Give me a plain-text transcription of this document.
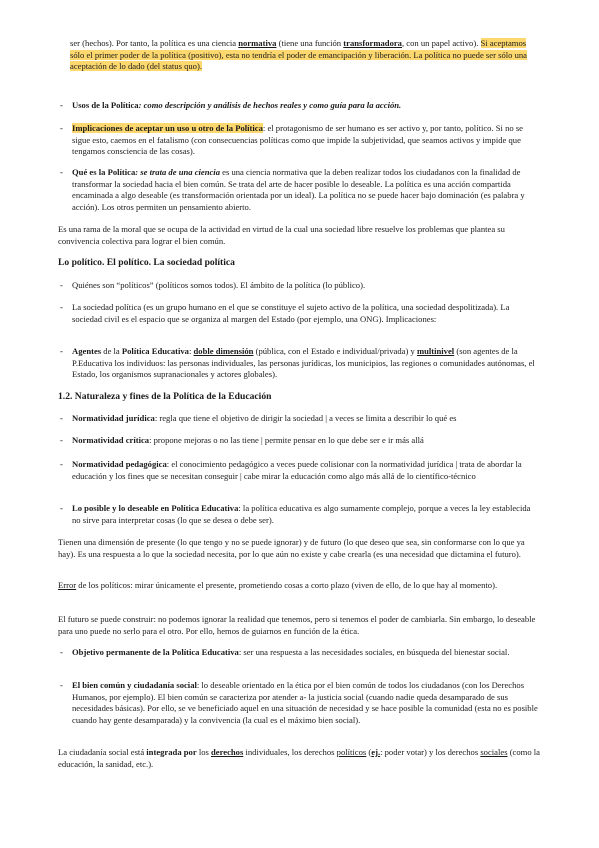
ser (hechos). Por tanto, la política es una ciencia normativa (tiene una función transformadora, con un papel activo). Si aceptamos sólo el primer poder de la política (positivo), esta no tendría el poder de emancipación y liberación. La política no puede ser sólo una aceptación de lo dado (del status quo).

- Usos de la Política: como descripción y análisis de hechos reales y como guía para la acción.

- Implicaciones de aceptar un uso u otro de la Política: el protagonismo de ser humano es ser activo y, por tanto, político. Si no se sigue esto, caemos en el fatalismo (con consecuencias políticas como que impide la subjetividad, que seamos activos y impide que tengamos consciencia de las cosas).

- Qué es la Política: se trata de una ciencia es una ciencia normativa que la deben realizar todos los ciudadanos con la finalidad de transformar la sociedad hacia el bien común. Se trata del arte de hacer posible lo deseable. La política es una acción compartida encaminada a algo deseable (es transformación orientada por un ideal). La política no se puede hacer bajo dominación (es palabra y acción). Los otros permiten un pensamiento abierto.

Es una rama de la moral que se ocupa de la actividad en virtud de la cual una sociedad libre resuelve los problemas que plantea su convivencia colectiva para lograr el bien común.

Lo político. El político. La sociedad política

- Quiénes son “políticos” (políticos somos todos). El ámbito de la política (lo público).

- La sociedad política (es un grupo humano en el que se constituye el sujeto activo de la política, una sociedad despolitizada). La sociedad civil es el espacio que se organiza al margen del Estado (por ejemplo, una ONG). Implicaciones:

- Agentes de la Política Educativa: doble dimensión (pública, con el Estado e individual/privada) y multinivel (son agentes de la P.Educativa los individuos: las personas individuales, las personas jurídicas, los municipios, las regiones o comunidades autónomas, el Estado, los organismos supranacionales y actores globales).

1.2. Naturaleza y fines de la Política de la Educación

- Normatividad jurídica: regla que tiene el objetivo de dirigir la sociedad | a veces se limita a describir lo qué es

- Normatividad crítica: propone mejoras o no las tiene | permite pensar en lo que debe ser e ir más allá

- Normatividad pedagógica: el conocimiento pedagógico a veces puede colisionar con la normatividad jurídica | trata de abordar la educación y los fines que se necesitan conseguir | cabe mirar la educación como algo más allá de lo científico-técnico

- Lo posible y lo deseable en Política Educativa: la política educativa es algo sumamente complejo, porque a veces la ley establecida no sirve para interpretar cosas (lo que se desea o debe ser).

Tienen una dimensión de presente (lo que tengo y no se puede ignorar) y de futuro (lo que deseo que sea, sin conformarse con lo que ya hay). Es una respuesta a lo que la sociedad necesita, por lo que aún no existe y cabe crearla (es una necesidad que dictamina el futuro).

Error de los políticos: mirar únicamente el presente, prometiendo cosas a corto plazo (viven de ello, de lo que hay al momento).

El futuro se puede construir: no podemos ignorar la realidad que tenemos, pero si tenemos el poder de cambiarla. Sin embargo, lo deseable para uno puede no serlo para el otro. Por ello, hemos de guiarnos en función de la ética.

- Objetivo permanente de la Política Educativa: ser una respuesta a las necesidades sociales, en búsqueda del bienestar social.

- El bien común y ciudadanía social: lo deseable orientado en la ética por el bien común de todos los ciudadanos (con los Derechos Humanos, por ejemplo). El bien común se caracteriza por atender a- la justicia social (cuando nadie queda desamparado de sus necesidades básicas). Por ello, se ve beneficiado aquel en una situación de necesidad y se hace posible la comunidad (esta no es posible cuando hay gente desamparada) y la convivencia (la cual es el máximo bien social).

La ciudadanía social está integrada por los derechos individuales, los derechos políticos (ej.: poder votar) y los derechos sociales (como la educación, la sanidad, etc.).
